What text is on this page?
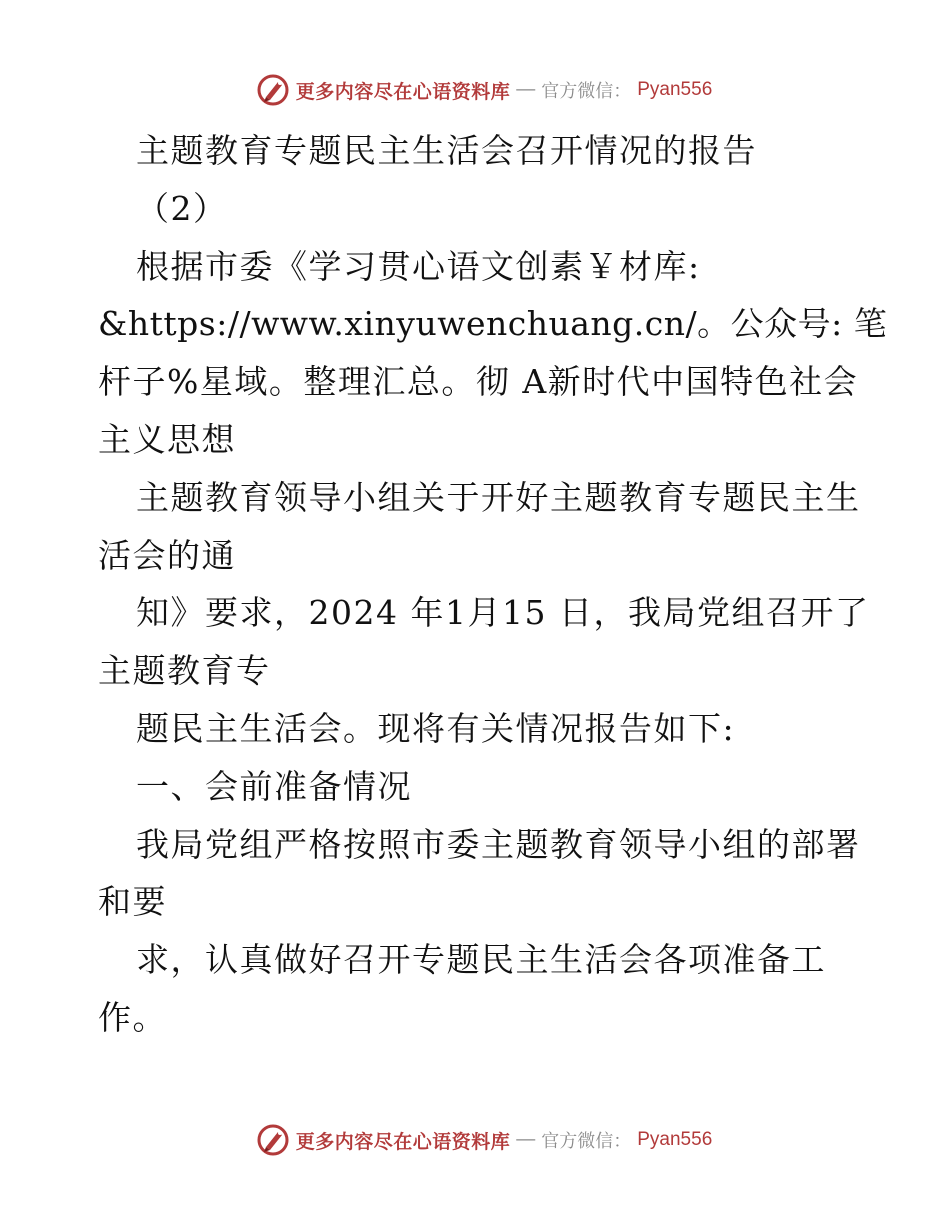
更多内容尽在心语资料库 — 官方微信： Pyan556
主题教育专题民主生活会召开情况的报告
（2）
根据市委《学习贯心语文创素￥材库:
&https://www.xinyuwenchuang.cn/。公众号: 笔
杆子%星域。整理汇总。彻 A新时代中国特色社会
主义思想
主题教育领导小组关于开好主题教育专题民主生
活会的通
知》要求，2024 年1月15 日，我局党组召开了
主题教育专
题民主生活会。现将有关情况报告如下:
一、会前准备情况
我局党组严格按照市委主题教育领导小组的部署
和要
求，认真做好召开专题民主生活会各项准备工
作。
更多内容尽在心语资料库 — 官方微信： Pyan556
